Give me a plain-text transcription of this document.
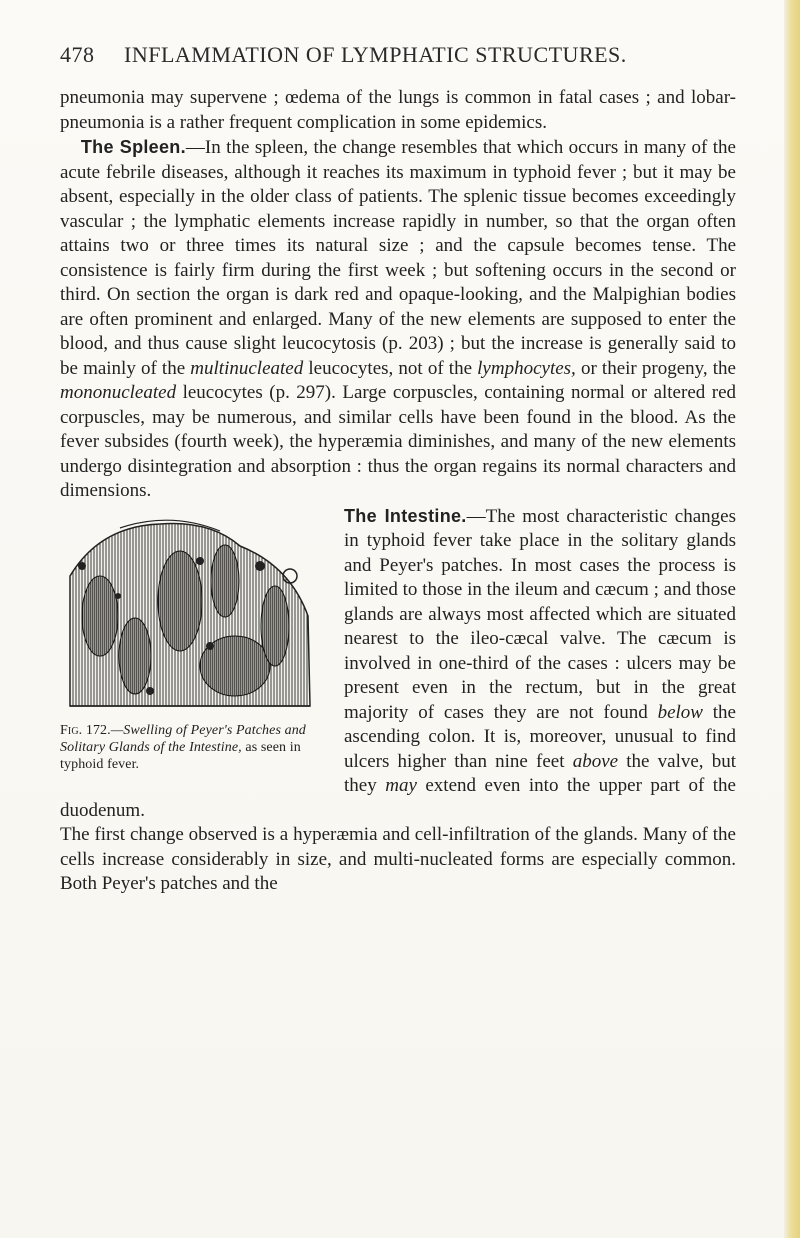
478 INFLAMMATION OF LYMPHATIC STRUCTURES.

pneumonia may supervene ; œdema of the lungs is common in fatal cases ; and lobar-pneumonia is a rather frequent complication in some epidemics.

The Spleen.—In the spleen, the change resembles that which occurs in many of the acute febrile diseases, although it reaches its maximum in typhoid fever ; but it may be absent, especially in the older class of patients. The splenic tissue becomes exceedingly vascular ; the lymphatic elements increase rapidly in number, so that the organ often attains two or three times its natural size ; and the capsule becomes tense. The consistence is fairly firm during the first week ; but softening occurs in the second or third. On section the organ is dark red and opaque-looking, and the Malpighian bodies are often prominent and enlarged. Many of the new elements are supposed to enter the blood, and thus cause slight leucocytosis (p. 203) ; but the increase is generally said to be mainly of the multinucleated leucocytes, not of the lymphocytes, or their progeny, the mononucleated leucocytes (p. 297). Large corpuscles, containing normal or altered red corpuscles, may be numerous, and similar cells have been found in the blood. As the fever subsides (fourth week), the hyperæmia diminishes, and many of the new elements undergo disintegration and absorption : thus the organ regains its normal characters and dimensions.

Fig. 172.—Swelling of Peyer's Patches and Solitary Glands of the Intestine, as seen in typhoid fever.
The Intestine.—The most characteristic changes in typhoid fever take place in the solitary glands and Peyer's patches. In most cases the process is limited to those in the ileum and cæcum ; and those glands are always most affected which are situated nearest to the ileo-cæcal valve. The cæcum is involved in one-third of the cases : ulcers may be present even in the rectum, but in the great majority of cases they are not found below the ascending colon. It is, moreover, unusual to find ulcers higher than nine feet above the valve, but they may extend even into the upper part of the duodenum.

The first change observed is a hyperæmia and cell-infiltration of the glands. Many of the cells increase considerably in size, and multi-nucleated forms are especially common. Both Peyer's patches and the
